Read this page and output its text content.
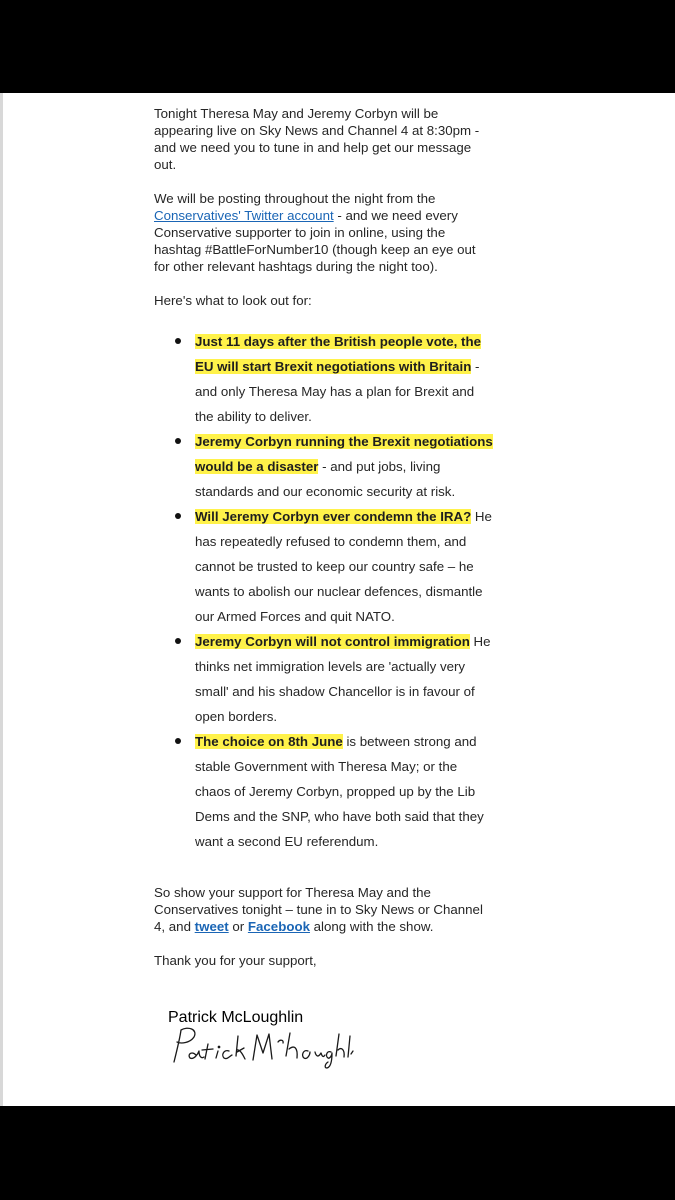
Tonight Theresa May and Jeremy Corbyn will be appearing live on Sky News and Channel 4 at 8:30pm - and we need you to tune in and help get our message out.

We will be posting throughout the night from the Conservatives' Twitter account - and we need every Conservative supporter to join in online, using the hashtag #BattleForNumber10 (though keep an eye out for other relevant hashtags during the night too).

Here's what to look out for:

Just 11 days after the British people vote, the EU will start Brexit negotiations with Britain - and only Theresa May has a plan for Brexit and the ability to deliver.
Jeremy Corbyn running the Brexit negotiations would be a disaster - and put jobs, living standards and our economic security at risk.
Will Jeremy Corbyn ever condemn the IRA? He has repeatedly refused to condemn them, and cannot be trusted to keep our country safe – he wants to abolish our nuclear defences, dismantle our Armed Forces and quit NATO.
Jeremy Corbyn will not control immigration He thinks net immigration levels are 'actually very small' and his shadow Chancellor is in favour of open borders.
The choice on 8th June is between strong and stable Government with Theresa May; or the chaos of Jeremy Corbyn, propped up by the Lib Dems and the SNP, who have both said that they want a second EU referendum.

So show your support for Theresa May and the Conservatives tonight – tune in to Sky News or Channel 4, and tweet or Facebook along with the show.

Thank you for your support,

Patrick McLoughlin
